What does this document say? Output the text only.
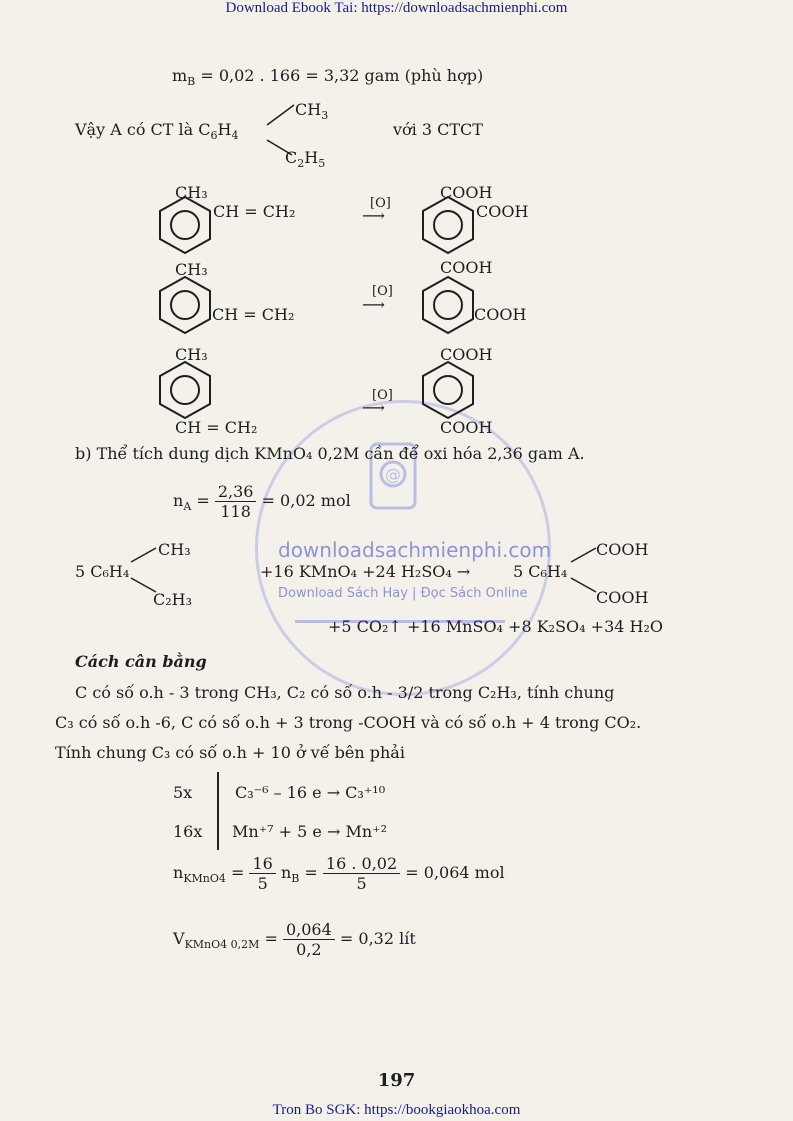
Download Ebook Tai: https://downloadsachmienphi.com
@
downloadsachmienphi.com
Download Sách Hay | Đọc Sách Online
$m_B = 0,02$ . 166 = 3,32 gam (phù hợp)
Vậy A có CT là $C_6H_4$
$CH_3$
$C_2H_5$
với 3 CTCT
CH₃
CH = CH₂	[O]
⟶
COOH
COOH
CH₃
CH = CH₂
[O]
⟶
COOH
COOH
CH₃
CH = CH₂
[O]
⟶
COOH
COOH
b) Thể tích dung dịch KMnO₄ 0,2M cần để oxi hóa 2,36 gam A.
$n_A = \frac{2,36}{118} = 0,02$ mol
5 C₆H₄
CH₃
C₂H₃
+16 KMnO₄ +24 H₂SO₄ →	5 C₆H₄
COOH
COOH
+5 CO₂↑ +16 MnSO₄ +8 K₂SO₄ +34 H₂O
Cách cân bằng
C có số o.h - 3 trong CH₃, C₂ có số o.h - 3/2 trong C₂H₃, tính chung
C₃ có số o.h -6, C có số o.h + 3 trong -COOH và có số o.h + 4 trong CO₂.
Tính chung C₃ có số o.h + 10 ở vế bên phải
5x	C₃⁻⁶ – 16 e → C₃⁺¹⁰
16x Mn⁺⁷ + 5 e → Mn⁺²
$n_{KMnO4} = \frac{16}{5} n_B = \frac{16 . 0,02}{5} = 0,064$ mol
$V_{KMnO4 0,2M} = \frac{0,064}{0,2} = 0,32$ lít
197
Tron Bo SGK: https://bookgiaokhoa.com
